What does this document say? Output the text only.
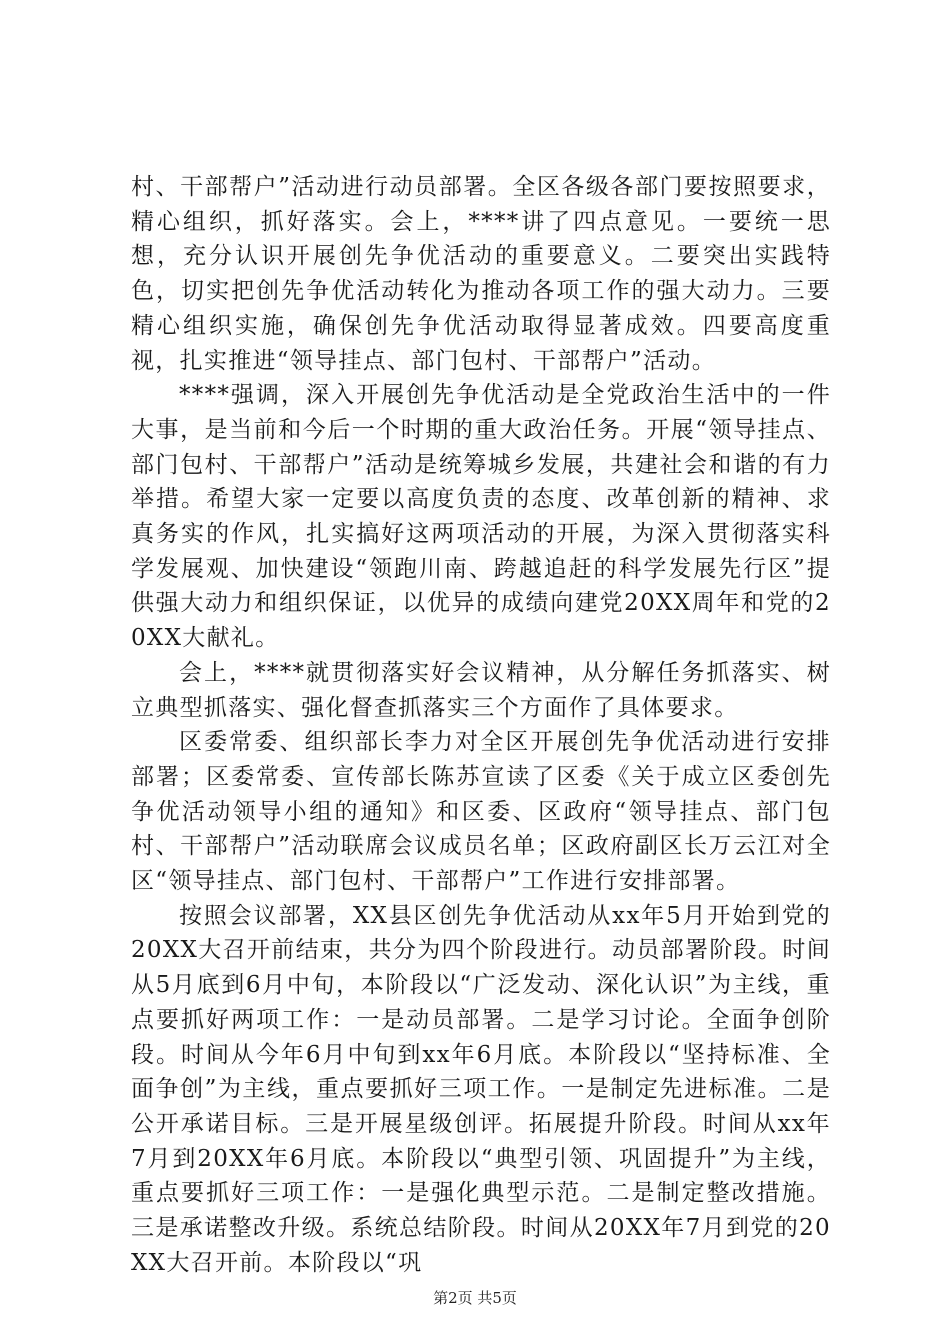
村、干部帮户”活动进行动员部署。全区各级各部门要按照要求，精心组织，抓好落实。会上，****讲了四点意见。一要统一思想，充分认识开展创先争优活动的重要意义。二要突出实践特色，切实把创先争优活动转化为推动各项工作的强大动力。三要精心组织实施，确保创先争优活动取得显著成效。四要高度重视，扎实推进“领导挂点、部门包村、干部帮户”活动。

****强调，深入开展创先争优活动是全党政治生活中的一件大事，是当前和今后一个时期的重大政治任务。开展“领导挂点、部门包村、干部帮户”活动是统筹城乡发展，共建社会和谐的有力举措。希望大家一定要以高度负责的态度、改革创新的精神、求真务实的作风，扎实搞好这两项活动的开展，为深入贯彻落实科学发展观、加快建设“领跑川南、跨越追赶的科学发展先行区”提供强大动力和组织保证，以优异的成绩向建党20XX周年和党的20XX大献礼。

会上，****就贯彻落实好会议精神，从分解任务抓落实、树立典型抓落实、强化督查抓落实三个方面作了具体要求。

区委常委、组织部长李力对全区开展创先争优活动进行安排部署；区委常委、宣传部长陈苏宣读了区委《关于成立区委创先争优活动领导小组的通知》和区委、区政府“领导挂点、部门包村、干部帮户”活动联席会议成员名单；区政府副区长万云江对全区“领导挂点、部门包村、干部帮户”工作进行安排部署。

按照会议部署，XX县区创先争优活动从xx年5月开始到党的20XX大召开前结束，共分为四个阶段进行。动员部署阶段。时间从5月底到6月中旬，本阶段以“广泛发动、深化认识”为主线，重点要抓好两项工作：一是动员部署。二是学习讨论。全面争创阶段。时间从今年6月中旬到xx年6月底。本阶段以“坚持标准、全面争创”为主线，重点要抓好三项工作。一是制定先进标准。二是公开承诺目标。三是开展星级创评。拓展提升阶段。时间从xx年7月到20XX年6月底。本阶段以“典型引领、巩固提升”为主线，重点要抓好三项工作：一是强化典型示范。二是制定整改措施。三是承诺整改升级。系统总结阶段。时间从20XX年7月到党的20XX大召开前。本阶段以“巩

第2页 共5页
